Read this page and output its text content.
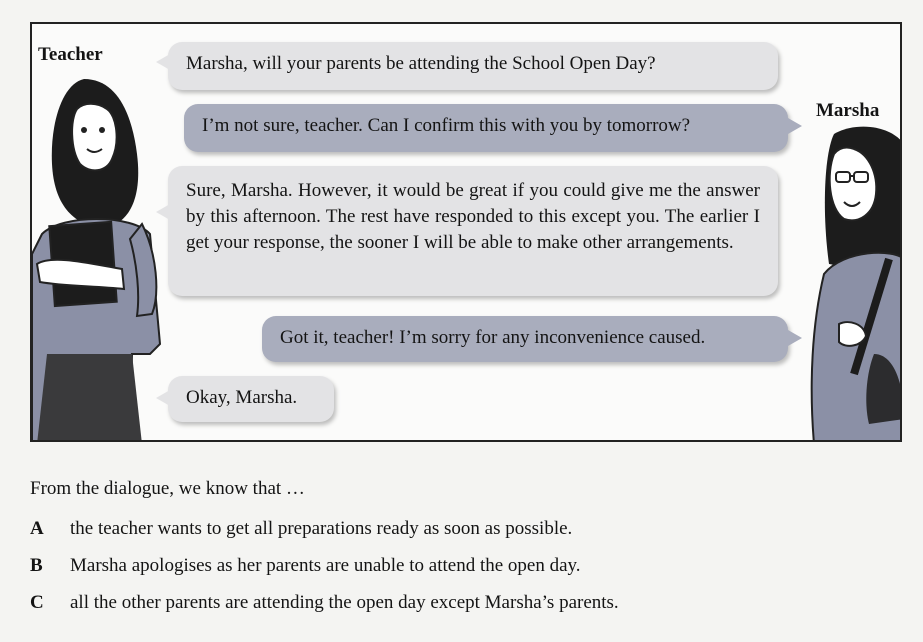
Teacher
Marsha
Marsha, will your parents be attending the School Open Day?
I’m not sure, teacher. Can I confirm this with you by tomorrow?
Sure, Marsha. However, it would be great if you could give me the answer by this afternoon. The rest have responded to this except you. The earlier I get your response, the sooner I will be able to make other arrangements.
Got it, teacher! I’m sorry for any inconvenience caused.
Okay, Marsha.
From the dialogue, we know that …
A the teacher wants to get all preparations ready as soon as possible.
B Marsha apologises as her parents are unable to attend the open day.
C all the other parents are attending the open day except Marsha’s parents.
